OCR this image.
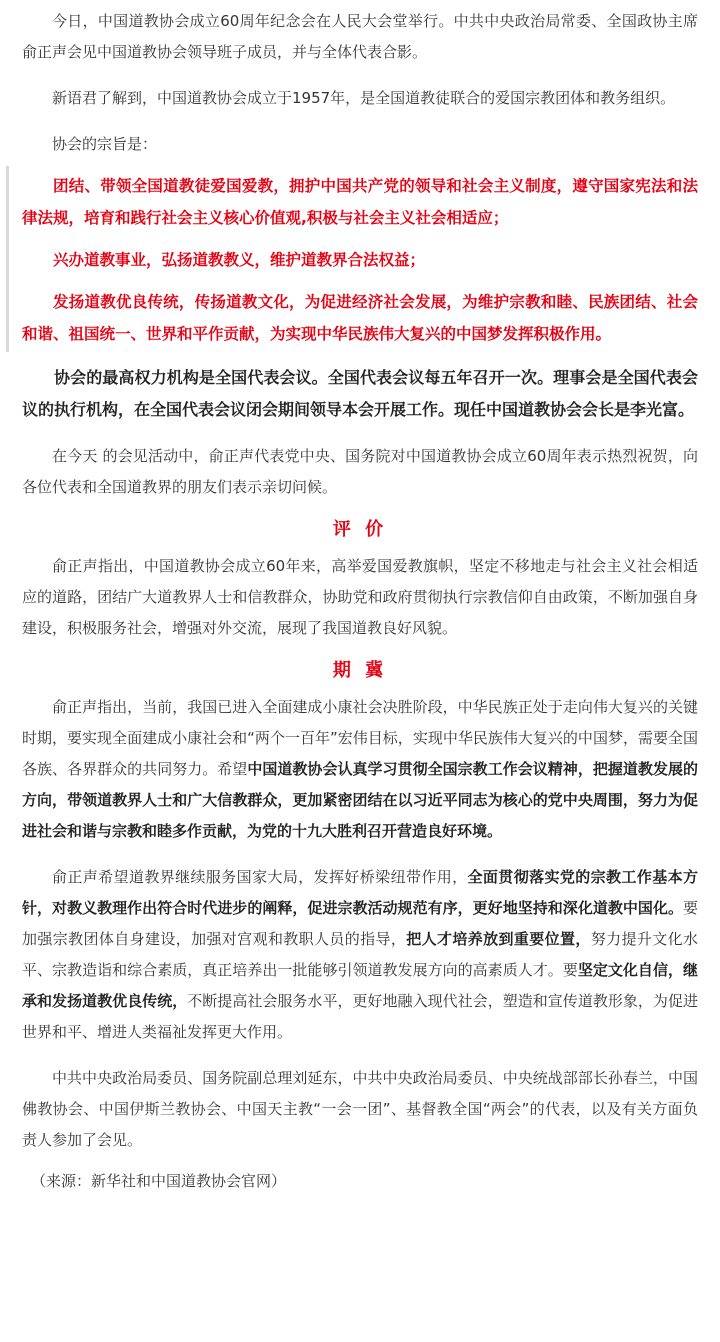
今日，中国道教协会成立60周年纪念会在人民大会堂举行。中共中央政治局常委、全国政协主席俞正声会见中国道教协会领导班子成员，并与全体代表合影。

新语君了解到，中国道教协会成立于1957年，是全国道教徒联合的爱国宗教团体和教务组织。

协会的宗旨是：

团结、带领全国道教徒爱国爱教，拥护中国共产党的领导和社会主义制度，遵守国家宪法和法律法规，培育和践行社会主义核心价值观,积极与社会主义社会相适应；

兴办道教事业，弘扬道教教义，维护道教界合法权益；

发扬道教优良传统，传扬道教文化，为促进经济社会发展，为维护宗教和睦、民族团结、社会和谐、祖国统一、世界和平作贡献，为实现中华民族伟大复兴的中国梦发挥积极作用。

协会的最高权力机构是全国代表会议。全国代表会议每五年召开一次。理事会是全国代表会议的执行机构，在全国代表会议闭会期间领导本会开展工作。现任中国道教协会会长是李光富。

在今天 的会见活动中，俞正声代表党中央、国务院对中国道教协会成立60周年表示热烈祝贺，向各位代表和全国道教界的朋友们表示亲切问候。

评 价

俞正声指出，中国道教协会成立60年来，高举爱国爱教旗帜，坚定不移地走与社会主义社会相适应的道路，团结广大道教界人士和信教群众，协助党和政府贯彻执行宗教信仰自由政策，不断加强自身建设，积极服务社会，增强对外交流，展现了我国道教良好风貌。

期 冀

俞正声指出，当前，我国已进入全面建成小康社会决胜阶段，中华民族正处于走向伟大复兴的关键时期，要实现全面建成小康社会和“两个一百年”宏伟目标，实现中华民族伟大复兴的中国梦，需要全国各族、各界群众的共同努力。希望中国道教协会认真学习贯彻全国宗教工作会议精神，把握道教发展的方向，带领道教界人士和广大信教群众，更加紧密团结在以习近平同志为核心的党中央周围，努力为促进社会和谐与宗教和睦多作贡献，为党的十九大胜利召开营造良好环境。

俞正声希望道教界继续服务国家大局，发挥好桥梁纽带作用，全面贯彻落实党的宗教工作基本方针，对教义教理作出符合时代进步的阐释，促进宗教活动规范有序，更好地坚持和深化道教中国化。要加强宗教团体自身建设，加强对宫观和教职人员的指导，把人才培养放到重要位置，努力提升文化水平、宗教造诣和综合素质，真正培养出一批能够引领道教发展方向的高素质人才。要坚定文化自信，继承和发扬道教优良传统，不断提高社会服务水平，更好地融入现代社会，塑造和宣传道教形象，为促进世界和平、增进人类福祉发挥更大作用。

中共中央政治局委员、国务院副总理刘延东，中共中央政治局委员、中央统战部部长孙春兰，中国佛教协会、中国伊斯兰教协会、中国天主教“一会一团”、基督教全国“两会”的代表，以及有关方面负责人参加了会见。

（来源：新华社和中国道教协会官网）
